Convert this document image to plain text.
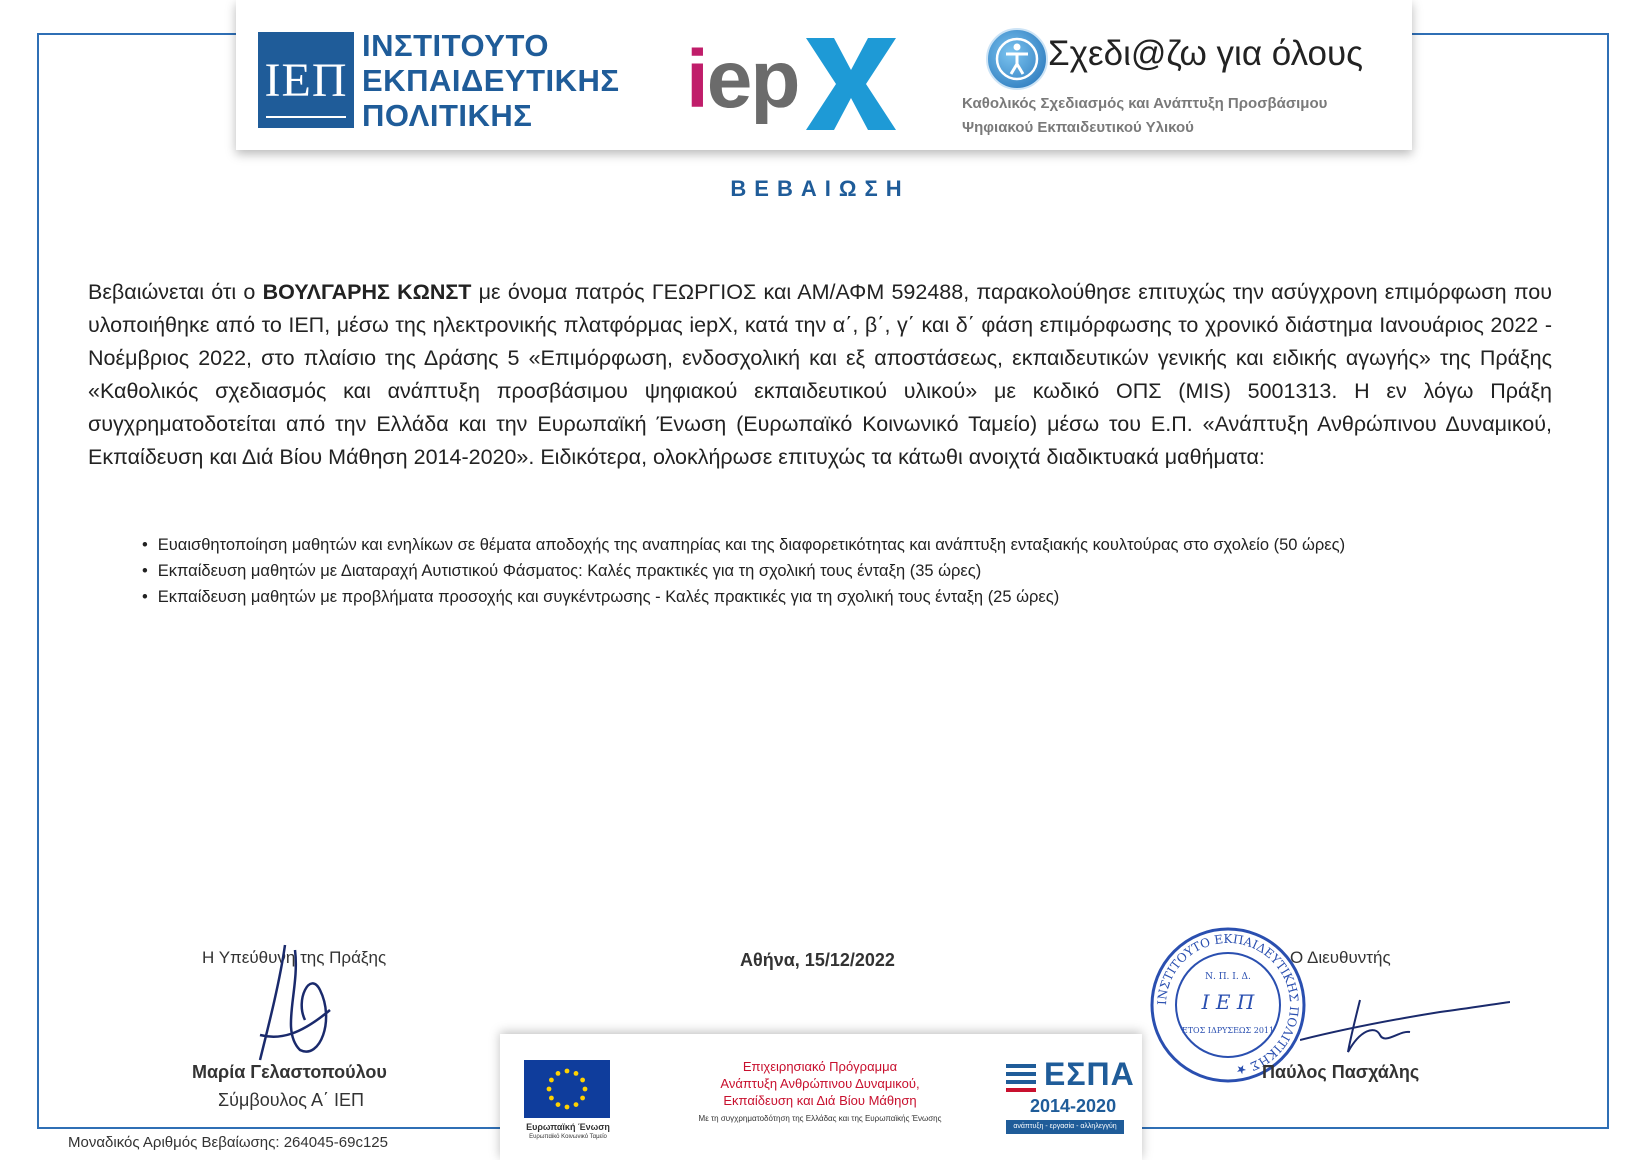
ΙΕΠ
ΙΝΣΤΙΤΟΥΤΟ
ΕΚΠΑΙΔΕΥΤΙΚΗΣ
ΠΟΛΙΤΙΚΗΣ	iep	Σχεδι@ζω για όλους
Καθολικός Σχεδιασμός και Ανάπτυξη Προσβάσιμου
Ψηφιακού Εκπαιδευτικού Υλικού
ΒΕΒΑΙΩΣΗ
Βεβαιώνεται ότι ο ΒΟΥΛΓΑΡΗΣ ΚΩΝΣΤ με όνομα πατρός ΓΕΩΡΓΙΟΣ και ΑΜ/ΑΦΜ 592488, παρακολούθησε επιτυχώς την ασύγχρονη επιμόρφωση που υλοποιήθηκε από το ΙΕΠ, μέσω της ηλεκτρονικής πλατφόρμας iepX, κατά την α΄, β΄, γ΄ και δ΄ φάση επιμόρφωσης το χρονικό διάστημα Ιανουάριος 2022 - Νοέμβριος 2022, στο πλαίσιο της Δράσης 5 «Επιμόρφωση, ενδοσχολική και εξ αποστάσεως, εκπαιδευτικών γενικής και ειδικής αγωγής» της Πράξης «Καθολικός σχεδιασμός και ανάπτυξη προσβάσιμου ψηφιακού εκπαιδευτικού υλικού» με κωδικό ΟΠΣ (MIS) 5001313. Η εν λόγω Πράξη συγχρηματοδοτείται από την Ελλάδα και την Ευρωπαϊκή Ένωση (Ευρωπαϊκό Κοινωνικό Ταμείο) μέσω του Ε.Π. «Ανάπτυξη Ανθρώπινου Δυναμικού, Εκπαίδευση και Διά Βίου Μάθηση 2014-2020». Ειδικότερα, ολοκλήρωσε επιτυχώς τα κάτωθι ανοιχτά διαδικτυακά μαθήματα:
• Ευαισθητοποίηση μαθητών και ενηλίκων σε θέματα αποδοχής της αναπηρίας και της διαφορετικότητας και ανάπτυξη ενταξιακής κουλτούρας στο σχολείο (50 ώρες)
• Εκπαίδευση μαθητών με Διαταραχή Αυτιστικού Φάσματος: Καλές πρακτικές για τη σχολική τους ένταξη (35 ώρες)
• Εκπαίδευση μαθητών με προβλήματα προσοχής και συγκέντρωσης - Καλές πρακτικές για τη σχολική τους ένταξη (25 ώρες)
Η Υπεύθυνη της Πράξης
Μαρία Γελαστοπούλου
Σύμβουλος Α΄ ΙΕΠ
Αθήνα, 15/12/2022
ΙΝΣΤΙΤΟΥΤΟ ΕΚΠΑΙΔΕΥΤΙΚΗΣ ΠΟΛΙΤΙΚΗΣ ★
Ν. Π. Ι. Δ.
Ι Ε Π
ΕΤΟΣ ΙΔΡΥΣΕΩΣ 2011
Ο Διευθυντής
Παύλος Πασχάλης
Ευρωπαϊκή Ένωση
Ευρωπαϊκό Κοινωνικό Ταμείο
Επιχειρησιακό Πρόγραμμα
Ανάπτυξη Ανθρώπινου Δυναμικού,
Εκπαίδευση και Διά Βίου Μάθηση
Με τη συγχρηματοδότηση της Ελλάδας και της Ευρωπαϊκής Ένωσης
ΕΣΠΑ
2014-2020
ανάπτυξη - εργασία - αλληλεγγύη
Μοναδικός Αριθμός Βεβαίωσης: 264045-69c125
